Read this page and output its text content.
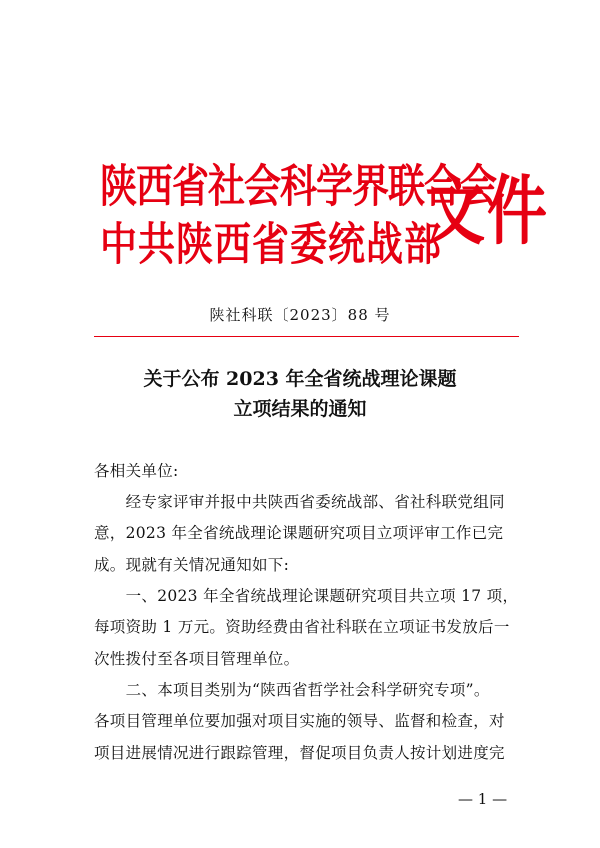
陕西省社会科学界联合会
中共陕西省委统战部
文件
陕社科联〔2023〕88 号
关于公布 2023 年全省统战理论课题
立项结果的通知
各相关单位:
　　经专家评审并报中共陕西省委统战部、省社科联党组同
意，2023 年全省统战理论课题研究项目立项评审工作已完
成。现就有关情况通知如下:
　　一、2023 年全省统战理论课题研究项目共立项 17 项，
每项资助 1 万元。资助经费由省社科联在立项证书发放后一
次性拨付至各项目管理单位。
　　二、本项目类别为“陕西省哲学社会科学研究专项”。
各项目管理单位要加强对项目实施的领导、监督和检查，对
项目进展情况进行跟踪管理，督促项目负责人按计划进度完
— 1 —
